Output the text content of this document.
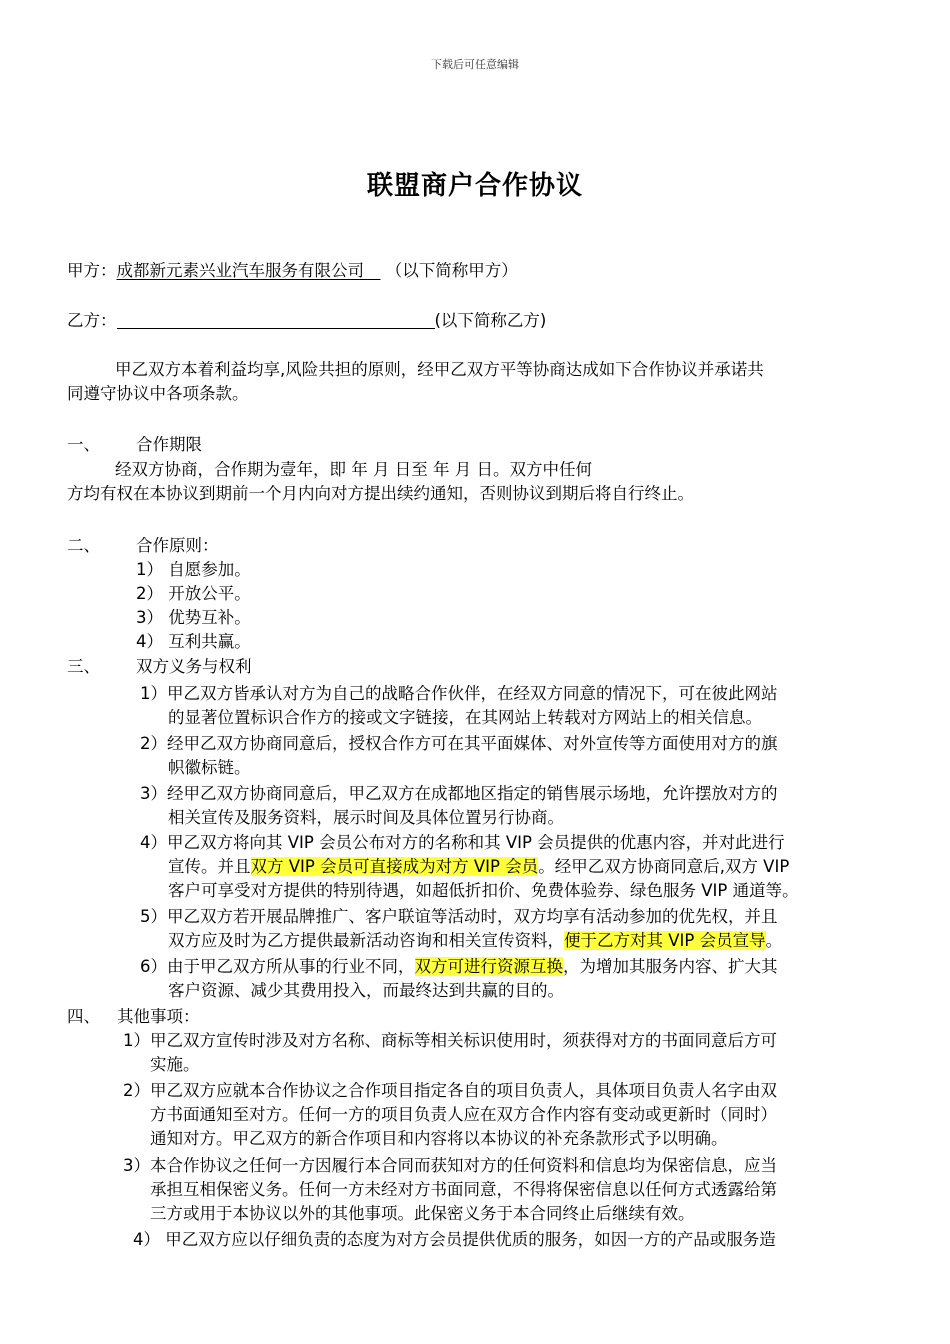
下载后可任意编辑
联盟商户合作协议
甲方：成都新元素兴业汽车服务有限公司　 （以下简称甲方）
乙方：	(以下简称乙方)
甲乙双方本着利益均享,风险共担的原则，经甲乙双方平等协商达成如下合作协议并承诺共
同遵守协议中各项条款。
一、 合作期限
经双方协商，合作期为壹年，即 年 月 日至 年 月 日。双方中任何
方均有权在本协议到期前一个月内向对方提出续约通知，否则协议到期后将自行终止。
二、 合作原则：
1） 自愿参加。
2） 开放公平。
3） 优势互补。
4） 互利共赢。
三、 双方义务与权利
1）甲乙双方皆承认对方为自己的战略合作伙伴，在经双方同意的情况下，可在彼此网站
的显著位置标识合作方的接或文字链接，在其网站上转载对方网站上的相关信息。
2）经甲乙双方协商同意后，授权合作方可在其平面媒体、对外宣传等方面使用对方的旗
帜徽标链。
3）经甲乙双方协商同意后，甲乙双方在成都地区指定的销售展示场地，允许摆放对方的
相关宣传及服务资料，展示时间及具体位置另行协商。
4）甲乙双方将向其 VIP 会员公布对方的名称和其 VIP 会员提供的优惠内容，并对此进行
宣传。并且双方 VIP 会员可直接成为对方 VIP 会员。经甲乙双方协商同意后,双方 VIP
客户可享受对方提供的特别待遇，如超低折扣价、免费体验券、绿色服务 VIP 通道等。
5）甲乙双方若开展品牌推广、客户联谊等活动时，双方均享有活动参加的优先权，并且
双方应及时为乙方提供最新活动咨询和相关宣传资料，便于乙方对其 VIP 会员宣导。
6）由于甲乙双方所从事的行业不同，双方可进行资源互换，为增加其服务内容、扩大其
客户资源、减少其费用投入，而最终达到共赢的目的。
四、 其他事项：
1）甲乙双方宣传时涉及对方名称、商标等相关标识使用时，须获得对方的书面同意后方可
实施。
2）甲乙双方应就本合作协议之合作项目指定各自的项目负责人，具体项目负责人名字由双
方书面通知至对方。任何一方的项目负责人应在双方合作内容有变动或更新时（同时）
通知对方。甲乙双方的新合作项目和内容将以本协议的补充条款形式予以明确。
3）本合作协议之任何一方因履行本合同而获知对方的任何资料和信息均为保密信息，应当
承担互相保密义务。任何一方未经对方书面同意，不得将保密信息以任何方式透露给第
三方或用于本协议以外的其他事项。此保密义务于本合同终止后继续有效。
4） 甲乙双方应以仔细负责的态度为对方会员提供优质的服务，如因一方的产品或服务造
